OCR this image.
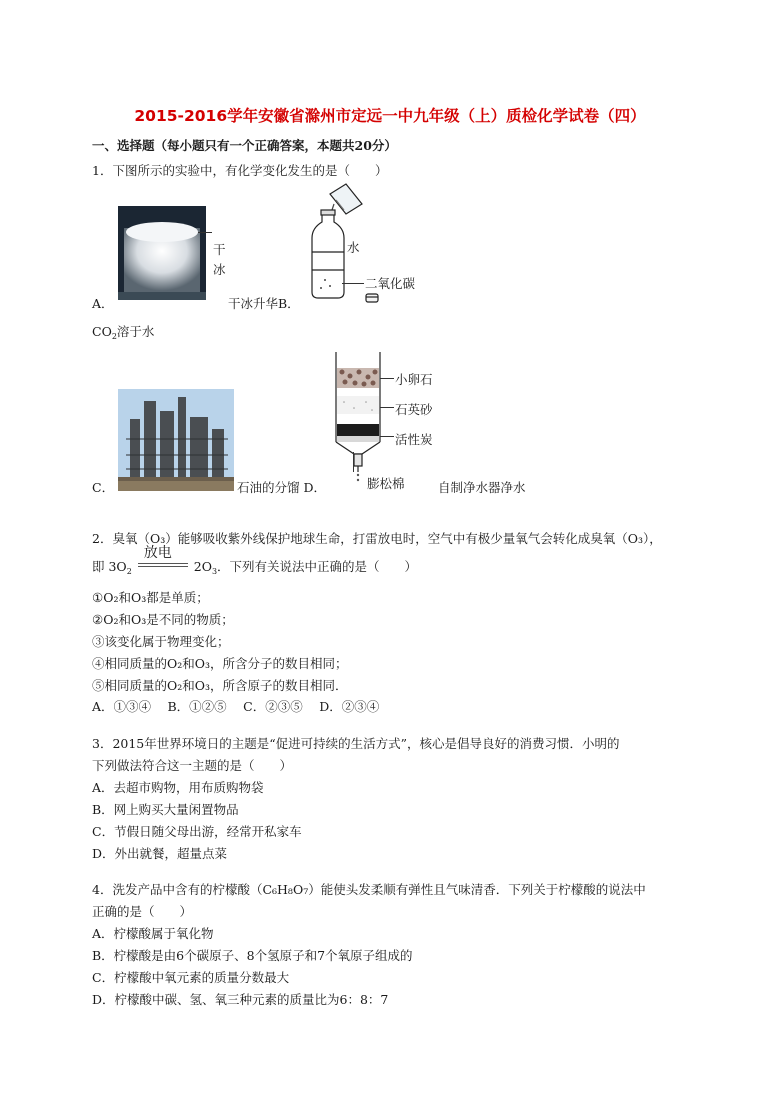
2015-2016学年安徽省滁州市定远一中九年级（上）质检化学试卷（四）
一、选择题（每小题只有一个正确答案，本题共20分）
1．下图所示的实验中，有化学变化发生的是（　　）
干
冰
A．	干冰升华B．
水
二氧化碳
$CO_2$溶于水
C．	石油的分馏 D．
小卵石
石英砂
活性炭
膨松棉	自制净水器净水
2．臭氧（O₃）能够吸收紫外线保护地球生命，打雷放电时，空气中有极少量氧气会转化成臭氧（O₃），
即 $3O_2$
放电
$2O_3$．下列有关说法中正确的是（　　）
①O₂和O₃都是单质；
②O₂和O₃是不同的物质；
③该变化属于物理变化；
④相同质量的O₂和O₃，所含分子的数目相同；
⑤相同质量的O₂和O₃，所含原子的数目相同．
A．①③④　 B．①②⑤　 C．②③⑤　 D．②③④
3．2015年世界环境日的主题是“促进可持续的生活方式”，核心是倡导良好的消费习惯．小明的
下列做法符合这一主题的是（　　）
A．去超市购物，用布质购物袋
B．网上购买大量闲置物品
C．节假日随父母出游，经常开私家车
D．外出就餐，超量点菜
4．洗发产品中含有的柠檬酸（C₆H₈O₇）能使头发柔顺有弹性且气味清香．下列关于柠檬酸的说法中
正确的是（　　）
A．柠檬酸属于氧化物
B．柠檬酸是由6个碳原子、8个氢原子和7个氧原子组成的
C．柠檬酸中氧元素的质量分数最大
D．柠檬酸中碳、氢、氧三种元素的质量比为6：8：7
